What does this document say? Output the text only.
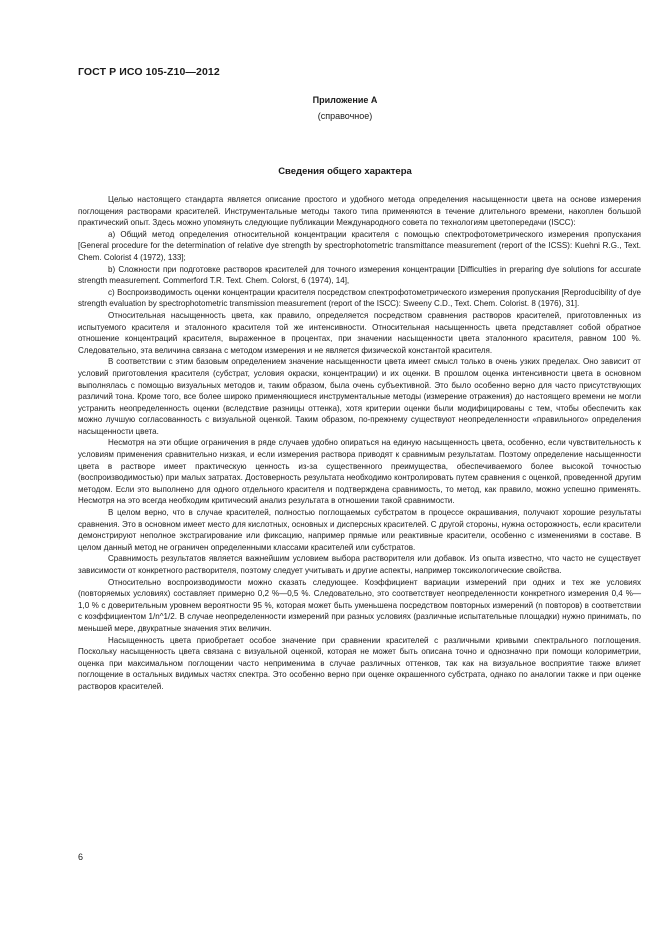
ГОСТ Р ИСО 105-Z10—2012
Приложение А
(справочное)
Сведения общего характера

Целью настоящего стандарта является описание простого и удобного метода определения насыщенности цвета на основе измерения поглощения растворами красителей. Инструментальные методы такого типа применяются в течение длительного времени, накоплен большой практический опыт. Здесь можно упомянуть следующие публикации Международного совета по технологиям цветопередачи (ISCC):

a) Общий метод определения относительной концентрации красителя с помощью спектрофотометрического измерения пропускания [General procedure for the determination of relative dye strength by spectrophotometric transmittance measurement (report of the ICSS): Kuehni R.G., Text. Chem. Colorist 4 (1972), 133];

b) Сложности при подготовке растворов красителей для точного измерения концентрации [Difficulties in preparing dye solutions for accurate strength measurement. Commerford T.R. Text. Chem. Colorst, 6 (1974), 14],

c) Воспроизводимость оценки концентрации красителя посредством спектрофотометрического измерения пропускания [Reproducibility of dye strength evaluation by spectrophotometric transmission measurement (report of the ISCC): Sweeny C.D., Text. Chem. Colorist. 8 (1976), 31].

Относительная насыщенность цвета, как правило, определяется посредством сравнения растворов красителей, приготовленных из испытуемого красителя и эталонного красителя той же интенсивности. Относительная насыщенность цвета представляет собой обратное отношение концентраций красителя, выраженное в процентах, при значении насыщенности цвета эталонного красителя, равном 100 %. Следовательно, эта величина связана с методом измерения и не является физической константой красителя.

В соответствии с этим базовым определением значение насыщенности цвета имеет смысл только в очень узких пределах. Оно зависит от условий приготовления красителя (субстрат, условия окраски, концентрации) и их оценки. В прошлом оценка интенсивности цвета в основном выполнялась с помощью визуальных методов и, таким образом, была очень субъективной. Это было особенно верно для часто присутствующих различий тона. Кроме того, все более широко применяющиеся инструментальные методы (измерение отражения) до настоящего времени не могли устранить неопределенность оценки (вследствие разницы оттенка), хотя критерии оценки были модифицированы с тем, чтобы обеспечить как можно лучшую согласованность с визуальной оценкой. Таким образом, по-прежнему существуют неопределенности «правильного» определения насыщенности цвета.

Несмотря на эти общие ограничения в ряде случаев удобно опираться на единую насыщенность цвета, особенно, если чувствительность к условиям применения сравнительно низкая, и если измерения раствора приводят к сравнимым результатам. Поэтому определение насыщенности цвета в растворе имеет практическую ценность из-за существенного преимущества, обеспечиваемого более высокой точностью (воспроизводимостью) при малых затратах. Достоверность результата необходимо контролировать путем сравнения с оценкой, проведенной другим методом. Если это выполнено для одного отдельного красителя и подтверждена сравнимость, то метод, как правило, можно успешно применять. Несмотря на это всегда необходим критический анализ результата в отношении такой сравнимости.

В целом верно, что в случае красителей, полностью поглощаемых субстратом в процессе окрашивания, получают хорошие результаты сравнения. Это в основном имеет место для кислотных, основных и дисперсных красителей. С другой стороны, нужна осторожность, если красители демонстрируют неполное экстрагирование или фиксацию, например прямые или реактивные красители, особенно с изменениями в составе. В целом данный метод не ограничен определенными классами красителей или субстратов.

Сравнимость результатов является важнейшим условием выбора растворителя или добавок. Из опыта известно, что часто не существует зависимости от конкретного растворителя, поэтому следует учитывать и другие аспекты, например токсикологические свойства.

Относительно воспроизводимости можно сказать следующее. Коэффициент вариации измерений при одних и тех же условиях (повторяемых условиях) составляет примерно 0,2 %—0,5 %. Следовательно, это соответствует неопределенности конкретного измерения 0,4 %—1,0 % с доверительным уровнем вероятности 95 %, которая может быть уменьшена посредством повторных измерений (n повторов) в соответствии с коэффициентом 1/n^1/2. В случае неопределенности измерений при разных условиях (различные испытательные площадки) нужно принимать, по меньшей мере, двукратные значения этих величин.

Насыщенность цвета приобретает особое значение при сравнении красителей с различными кривыми спектрального поглощения. Поскольку насыщенность цвета связана с визуальной оценкой, которая не может быть описана точно и однозначно при помощи колориметрии, оценка при максимальном поглощении часто неприменима в случае различных оттенков, так как на визуальное восприятие также влияет поглощение в остальных видимых частях спектра. Это особенно верно при оценке окрашенного субстрата, однако по аналогии также и при оценке растворов красителей.

6
